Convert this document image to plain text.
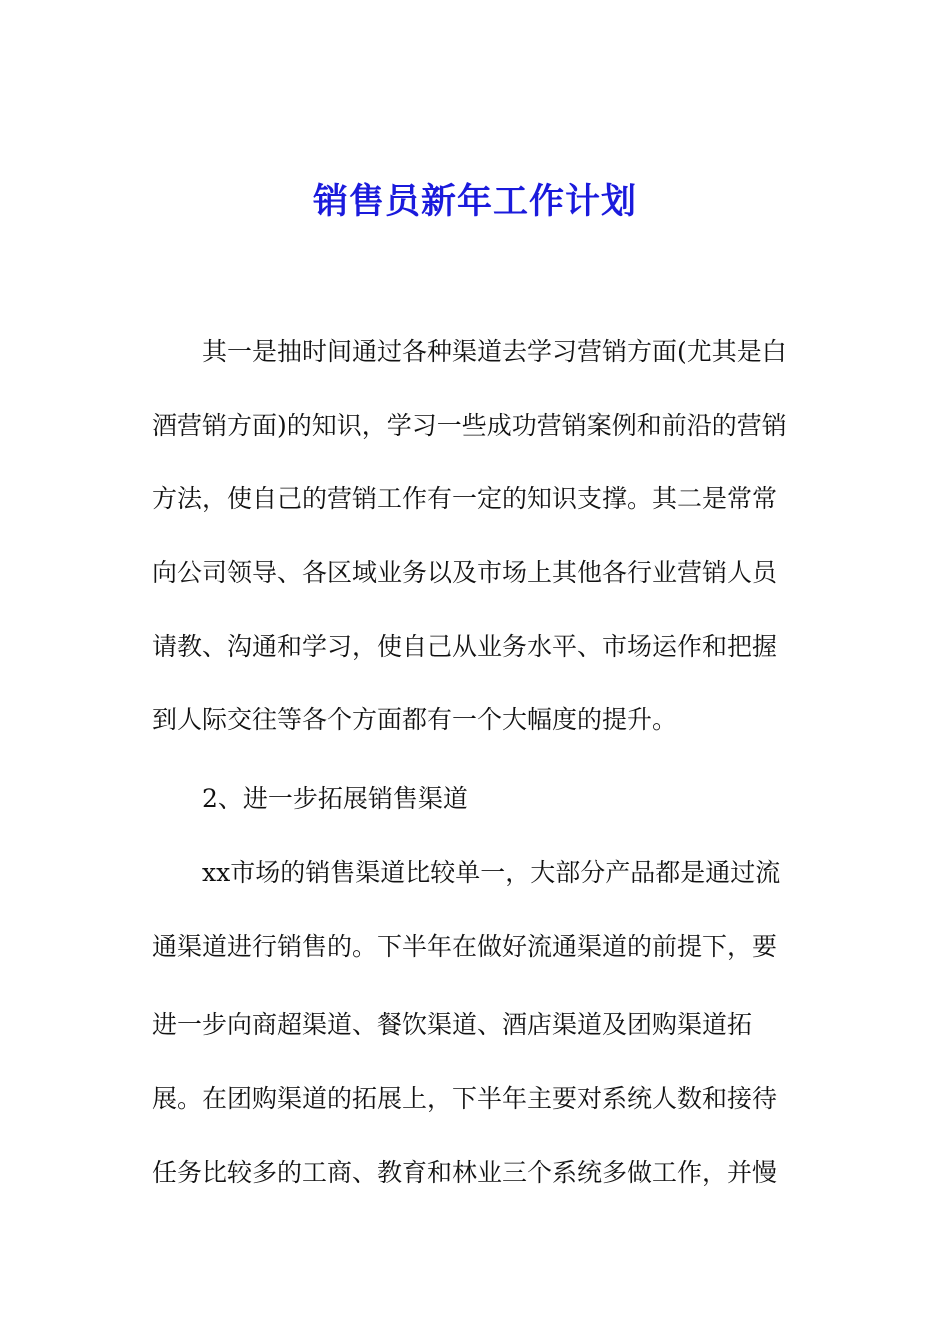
销售员新年工作计划

其一是抽时间通过各种渠道去学习营销方面(尤其是白

酒营销方面)的知识，学习一些成功营销案例和前沿的营销

方法，使自己的营销工作有一定的知识支撑。其二是常常

向公司领导、各区域业务以及市场上其他各行业营销人员

请教、沟通和学习，使自己从业务水平、市场运作和把握

到人际交往等各个方面都有一个大幅度的提升。

2、进一步拓展销售渠道

xx市场的销售渠道比较单一，大部分产品都是通过流

通渠道进行销售的。下半年在做好流通渠道的前提下，要

进一步向商超渠道、餐饮渠道、酒店渠道及团购渠道拓

展。在团购渠道的拓展上，下半年主要对系统人数和接待

任务比较多的工商、教育和林业三个系统多做工作，并慢
